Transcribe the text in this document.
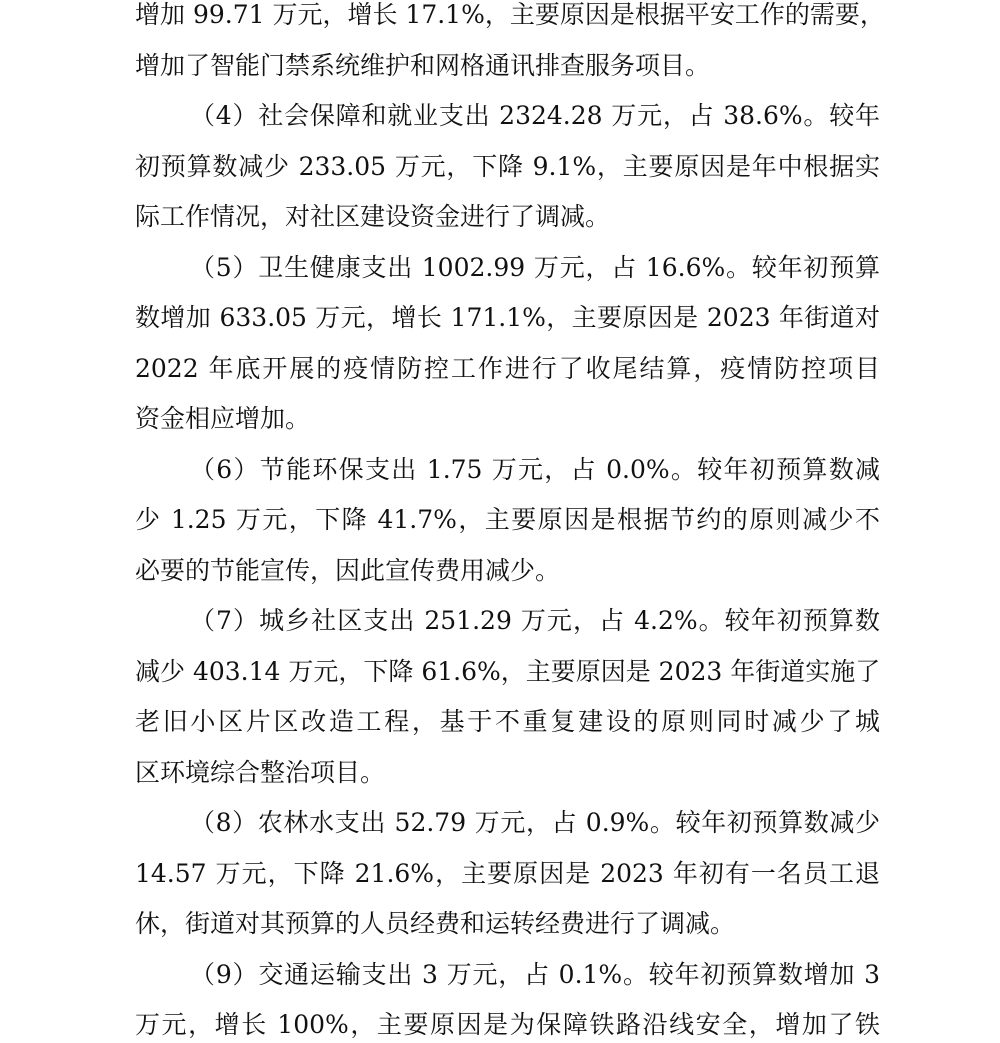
增加 99.71 万元，增长 17.1%，主要原因是根据平安工作的需要，
增加了智能门禁系统维护和网格通讯排查服务项目。
（4）社会保障和就业支出 2324.28 万元，占 38.6%。较年
初预算数减少 233.05 万元，下降 9.1%，主要原因是年中根据实
际工作情况，对社区建设资金进行了调减。
（5）卫生健康支出 1002.99 万元，占 16.6%。较年初预算
数增加 633.05 万元，增长 171.1%，主要原因是 2023 年街道对
2022 年底开展的疫情防控工作进行了收尾结算，疫情防控项目
资金相应增加。
（6）节能环保支出 1.75 万元，占 0.0%。较年初预算数减
少 1.25 万元，下降 41.7%，主要原因是根据节约的原则减少不
必要的节能宣传，因此宣传费用减少。
（7）城乡社区支出 251.29 万元，占 4.2%。较年初预算数
减少 403.14 万元，下降 61.6%，主要原因是 2023 年街道实施了
老旧小区片区改造工程，基于不重复建设的原则同时减少了城
区环境综合整治项目。
（8）农林水支出 52.79 万元，占 0.9%。较年初预算数减少
14.57 万元，下降 21.6%，主要原因是 2023 年初有一名员工退
休，街道对其预算的人员经费和运转经费进行了调减。
（9）交通运输支出 3 万元，占 0.1%。较年初预算数增加 3
万元，增长 100%，主要原因是为保障铁路沿线安全，增加了铁
